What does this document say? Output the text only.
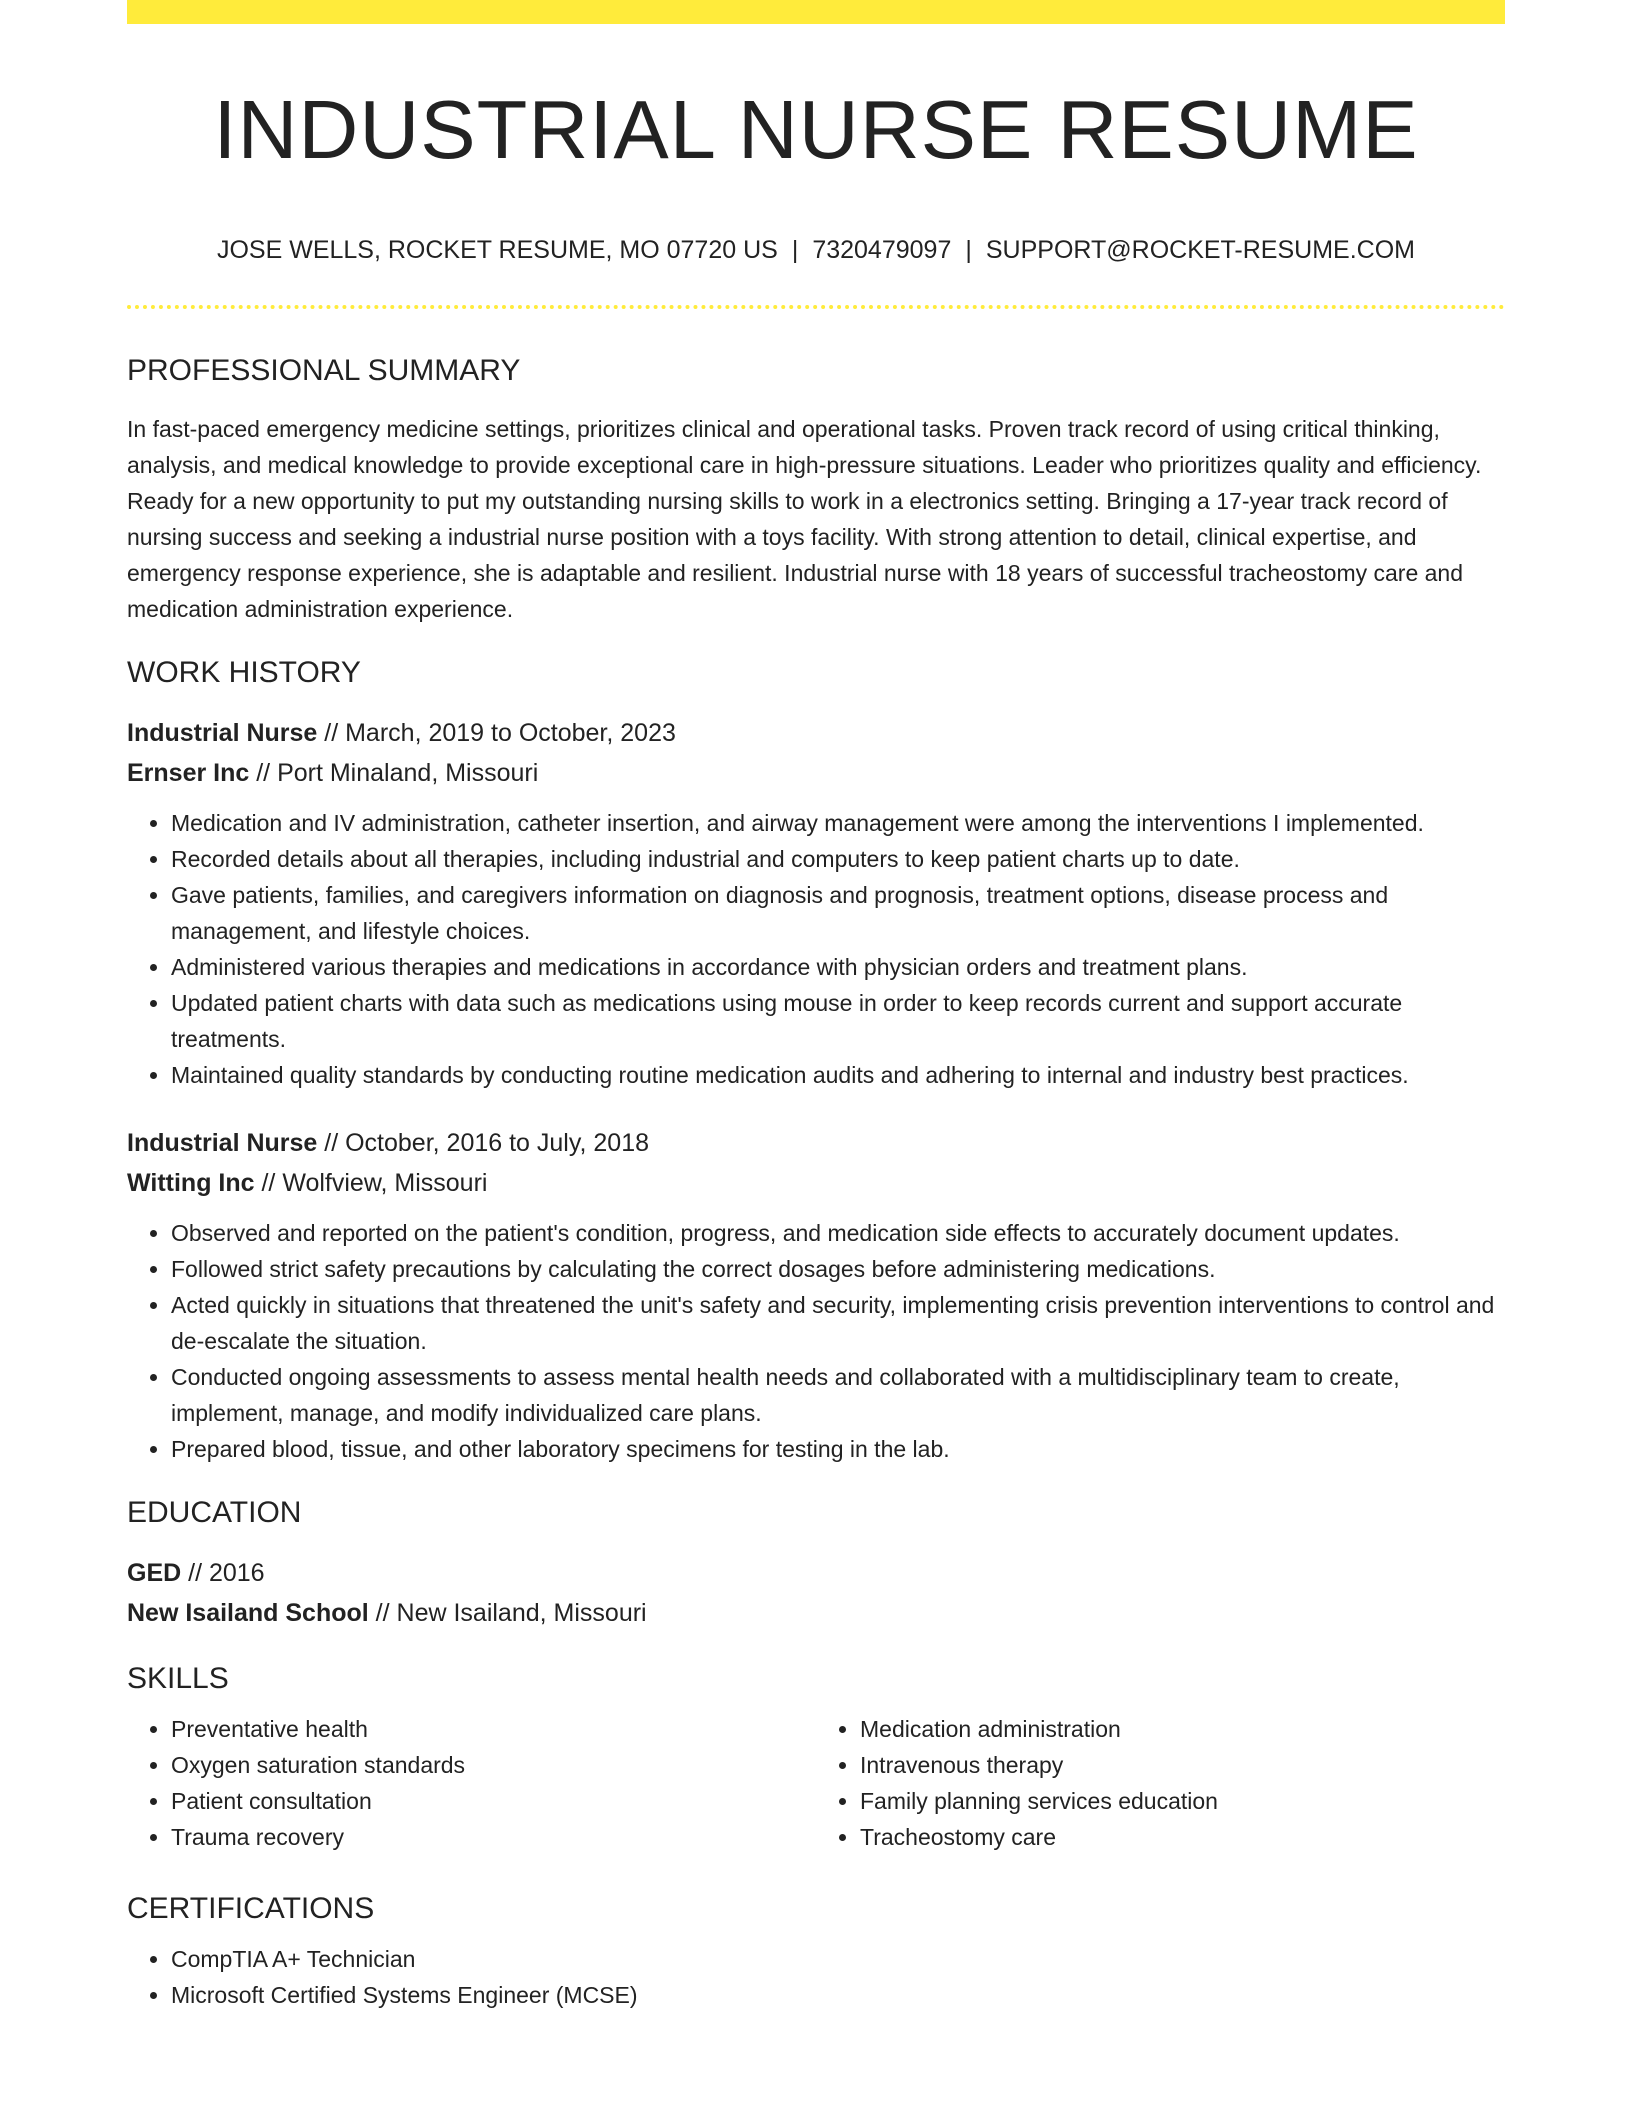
INDUSTRIAL NURSE RESUME
JOSE WELLS, ROCKET RESUME, MO 07720 US | 7320479097 | SUPPORT@ROCKET-RESUME.COM
PROFESSIONAL SUMMARY

In fast-paced emergency medicine settings, prioritizes clinical and operational tasks. Proven track record of using critical thinking, analysis, and medical knowledge to provide exceptional care in high-pressure situations. Leader who prioritizes quality and efficiency. Ready for a new opportunity to put my outstanding nursing skills to work in a electronics setting. Bringing a 17-year track record of nursing success and seeking a industrial nurse position with a toys facility. With strong attention to detail, clinical expertise, and emergency response experience, she is adaptable and resilient. Industrial nurse with 18 years of successful tracheostomy care and medication administration experience.

WORK HISTORY
Industrial Nurse // March, 2019 to October, 2023
Ernser Inc // Port Minaland, Missouri
• Medication and IV administration, catheter insertion, and airway management were among the interventions I implemented.
• Recorded details about all therapies, including industrial and computers to keep patient charts up to date.
• Gave patients, families, and caregivers information on diagnosis and prognosis, treatment options, disease process and management, and lifestyle choices.
• Administered various therapies and medications in accordance with physician orders and treatment plans.
• Updated patient charts with data such as medications using mouse in order to keep records current and support accurate treatments.
• Maintained quality standards by conducting routine medication audits and adhering to internal and industry best practices.
Industrial Nurse // October, 2016 to July, 2018
Witting Inc // Wolfview, Missouri
• Observed and reported on the patient's condition, progress, and medication side effects to accurately document updates.
• Followed strict safety precautions by calculating the correct dosages before administering medications.
• Acted quickly in situations that threatened the unit's safety and security, implementing crisis prevention interventions to control and de-escalate the situation.
• Conducted ongoing assessments to assess mental health needs and collaborated with a multidisciplinary team to create, implement, manage, and modify individualized care plans.
• Prepared blood, tissue, and other laboratory specimens for testing in the lab.
EDUCATION
GED // 2016
New Isailand School // New Isailand, Missouri
SKILLS
• Preventative health
• Oxygen saturation standards
• Patient consultation
• Trauma recovery
• Medication administration
• Intravenous therapy
• Family planning services education
• Tracheostomy care
CERTIFICATIONS
• CompTIA A+ Technician
• Microsoft Certified Systems Engineer (MCSE)
